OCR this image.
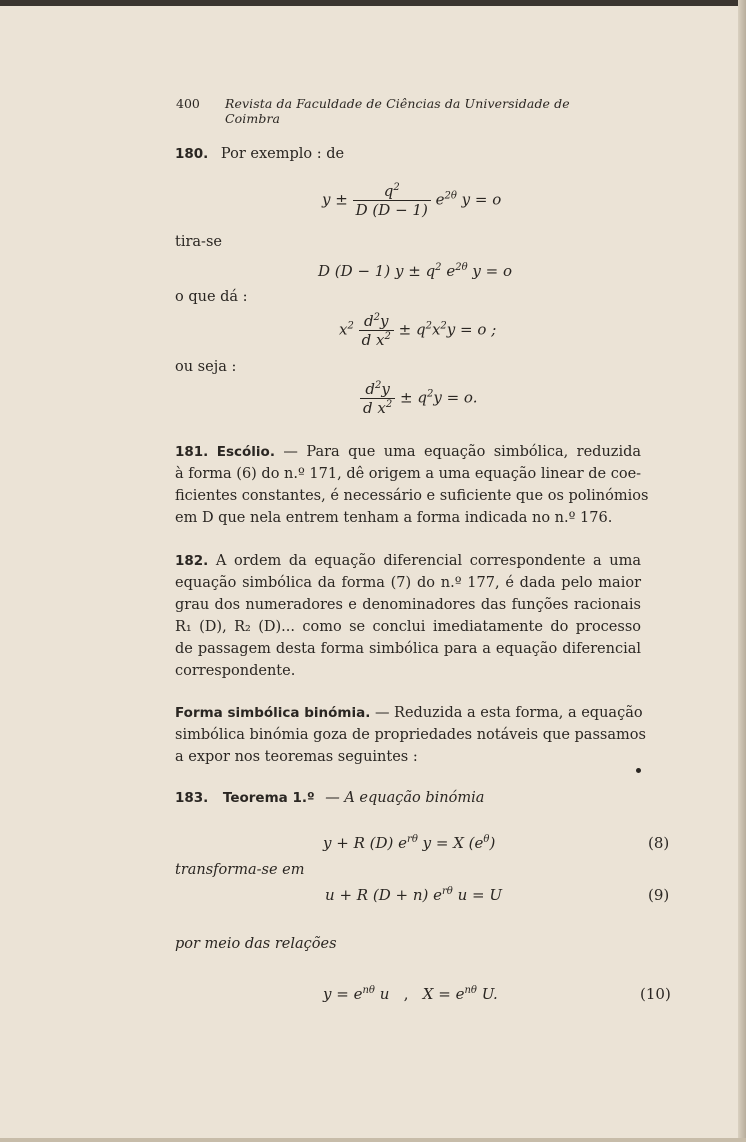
400 Revista da Faculdade de Ciências da Universidade de Coimbra
180. Por exemplo : de
$y \pm \frac{q^2}{D (D - 1)} e^{2\theta}$ y = o
tira-se
D (D − 1) $y \pm q^2$ $e^{2\theta}$ y = o
o que dá :
$x^2 \frac{d^2y}{d x^2} \pm q^2x^2y = o$ ;
ou seja :
$\frac{d^2y}{d x^2} \pm q^2y = o$.
181. Escólio. — Para que uma equação simbólica, reduzida
à forma (6) do n.º 171, dê origem a uma equação linear de coe-
ficientes constantes, é necessário e suficiente que os polinómios
em D que nela entrem tenham a forma indicada no n.º 176.
182. A ordem da equação diferencial correspondente a uma
equação simbólica da forma (7) do n.º 177, é dada pelo maior
grau dos numeradores e denominadores das funções racionais
R₁ (D), R₂ (D)... como se conclui imediatamente do processo
de passagem desta forma simbólica para a equação diferencial
correspondente.
Forma simbólica binómia. — Reduzida a esta forma, a equação
simbólica binómia goza de propriedades notáveis que passamos
a expor nos teoremas seguintes :
183. Teorema 1.º — A equação binómia
y + R (D) $e^{r\theta}$ y = X $(e^\theta)$	(8)
transforma-se em
u + R (D + n) $e^{r\theta}$ u = U	(9)
por meio das relações
$y = e^{n\theta}$ u   ,   $X = e^{n\theta}$ U.	(10)
